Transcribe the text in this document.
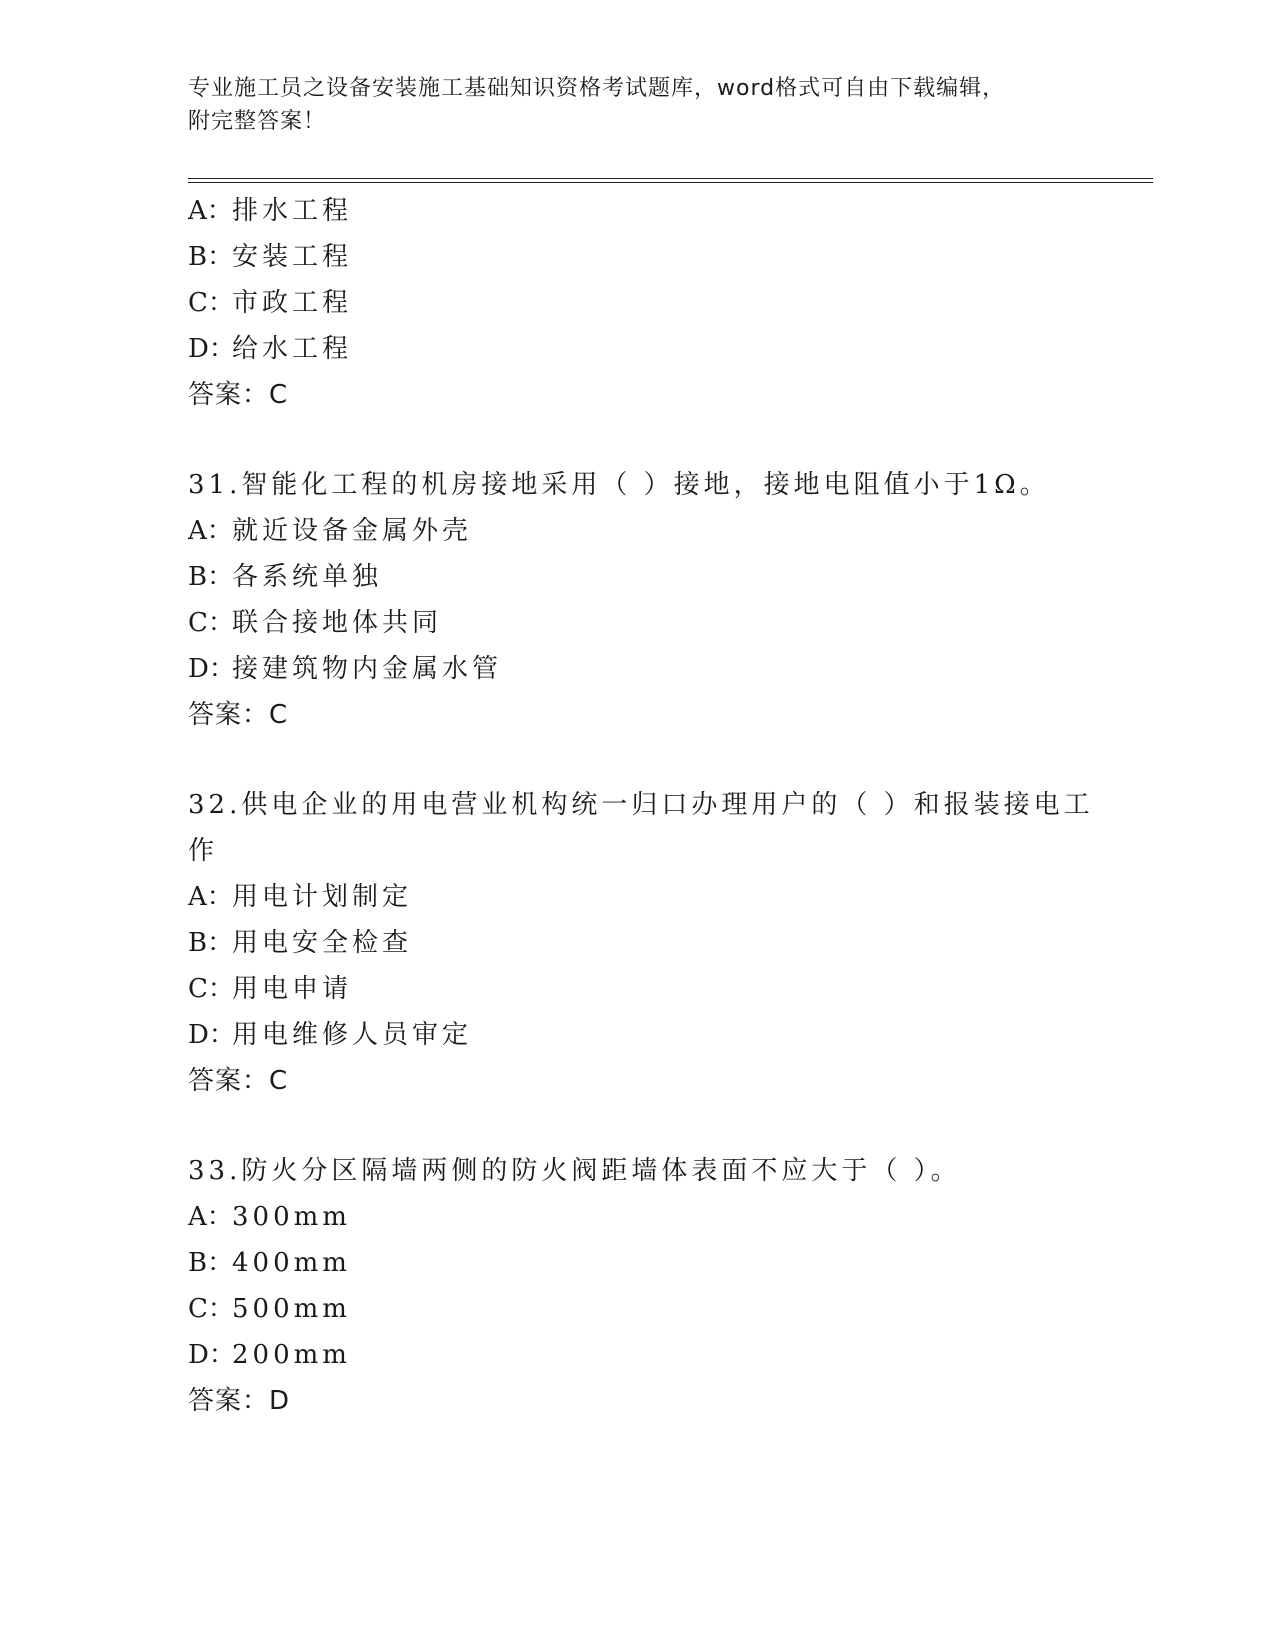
专业施工员之设备安装施工基础知识资格考试题库，word格式可自由下载编辑，
附完整答案！
A：排水工程
B：安装工程
C：市政工程
D：给水工程
答案：C
31.智能化工程的机房接地采用（ ）接地，接地电阻值小于1Ω。
A：就近设备金属外壳
B：各系统单独
C：联合接地体共同
D：接建筑物内金属水管
答案：C
32.供电企业的用电营业机构统一归口办理用户的（ ）和报装接电工
作
A：用电计划制定
B：用电安全检查
C：用电申请
D：用电维修人员审定
答案：C
33.防火分区隔墙两侧的防火阀距墙体表面不应大于（ ）。
A：300mm
B：400mm
C：500mm
D：200mm
答案：D
